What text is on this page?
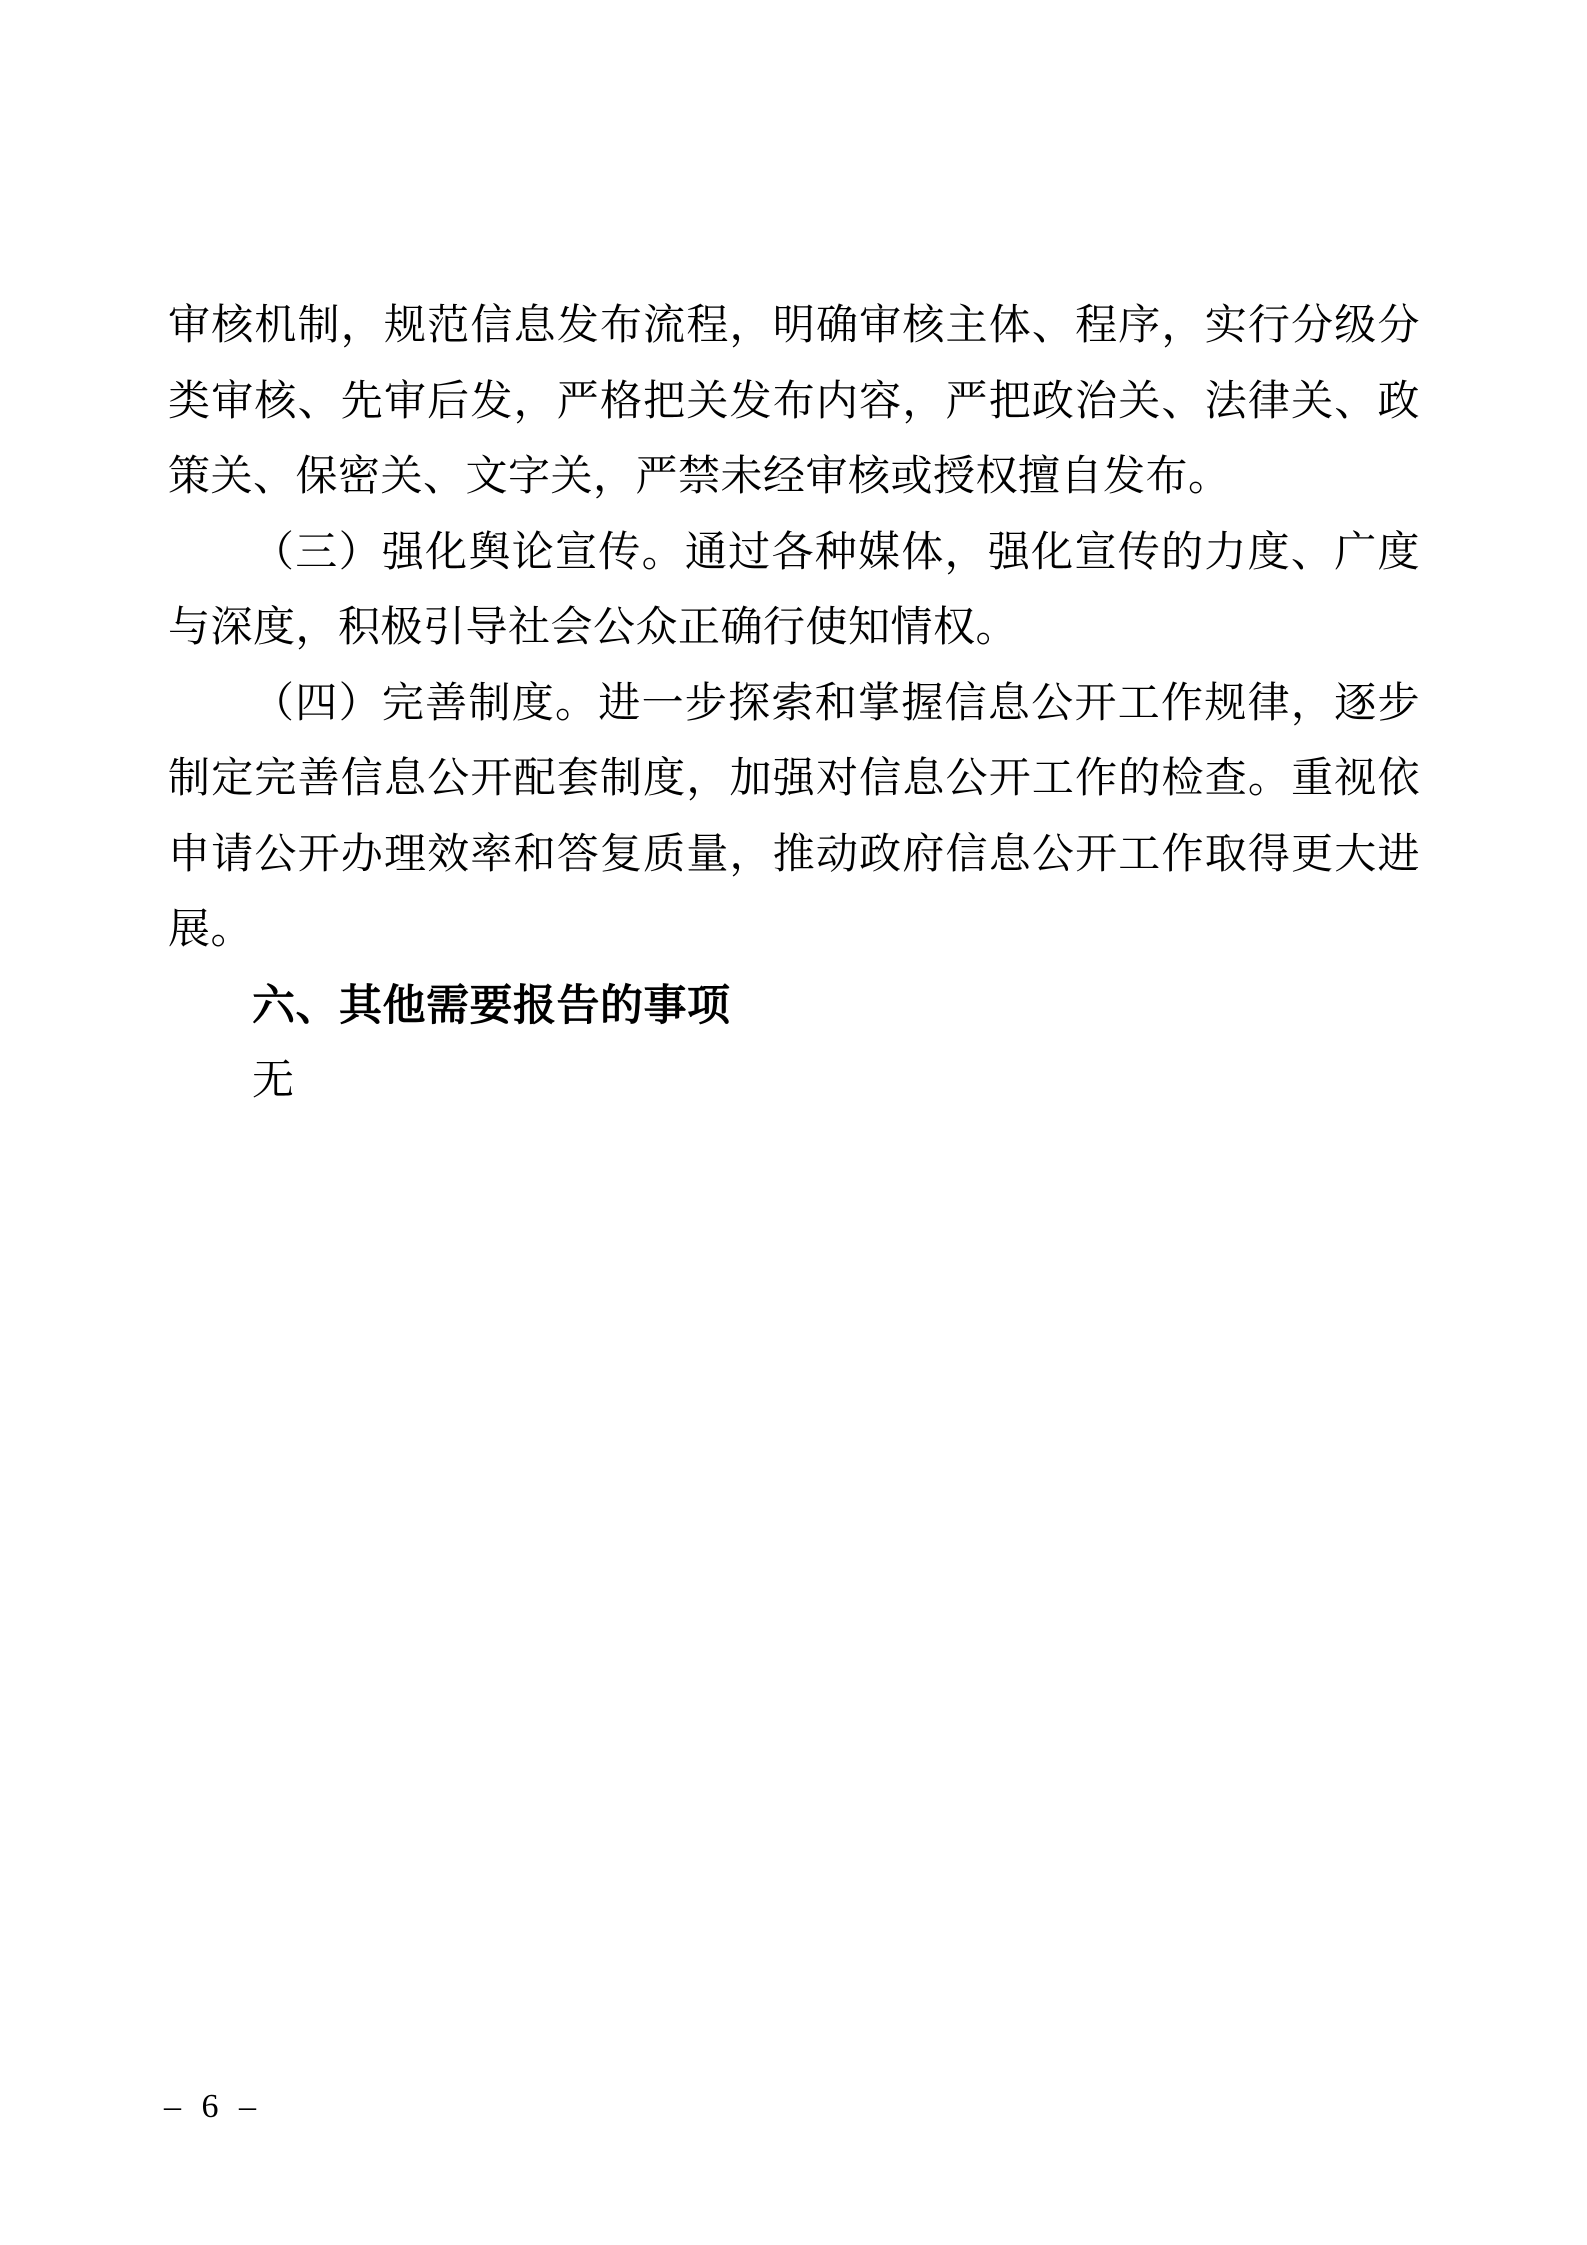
审核机制，规范信息发布流程，明确审核主体、程序，实行分级分
类审核、先审后发，严格把关发布内容，严把政治关、法律关、政
策关、保密关、文字关，严禁未经审核或授权擅自发布。
（三）强化舆论宣传。通过各种媒体，强化宣传的力度、广度
与深度，积极引导社会公众正确行使知情权。
（四）完善制度。进一步探索和掌握信息公开工作规律，逐步
制定完善信息公开配套制度，加强对信息公开工作的检查。重视依
申请公开办理效率和答复质量，推动政府信息公开工作取得更大进
展。
六、其他需要报告的事项
无
– 6 –
